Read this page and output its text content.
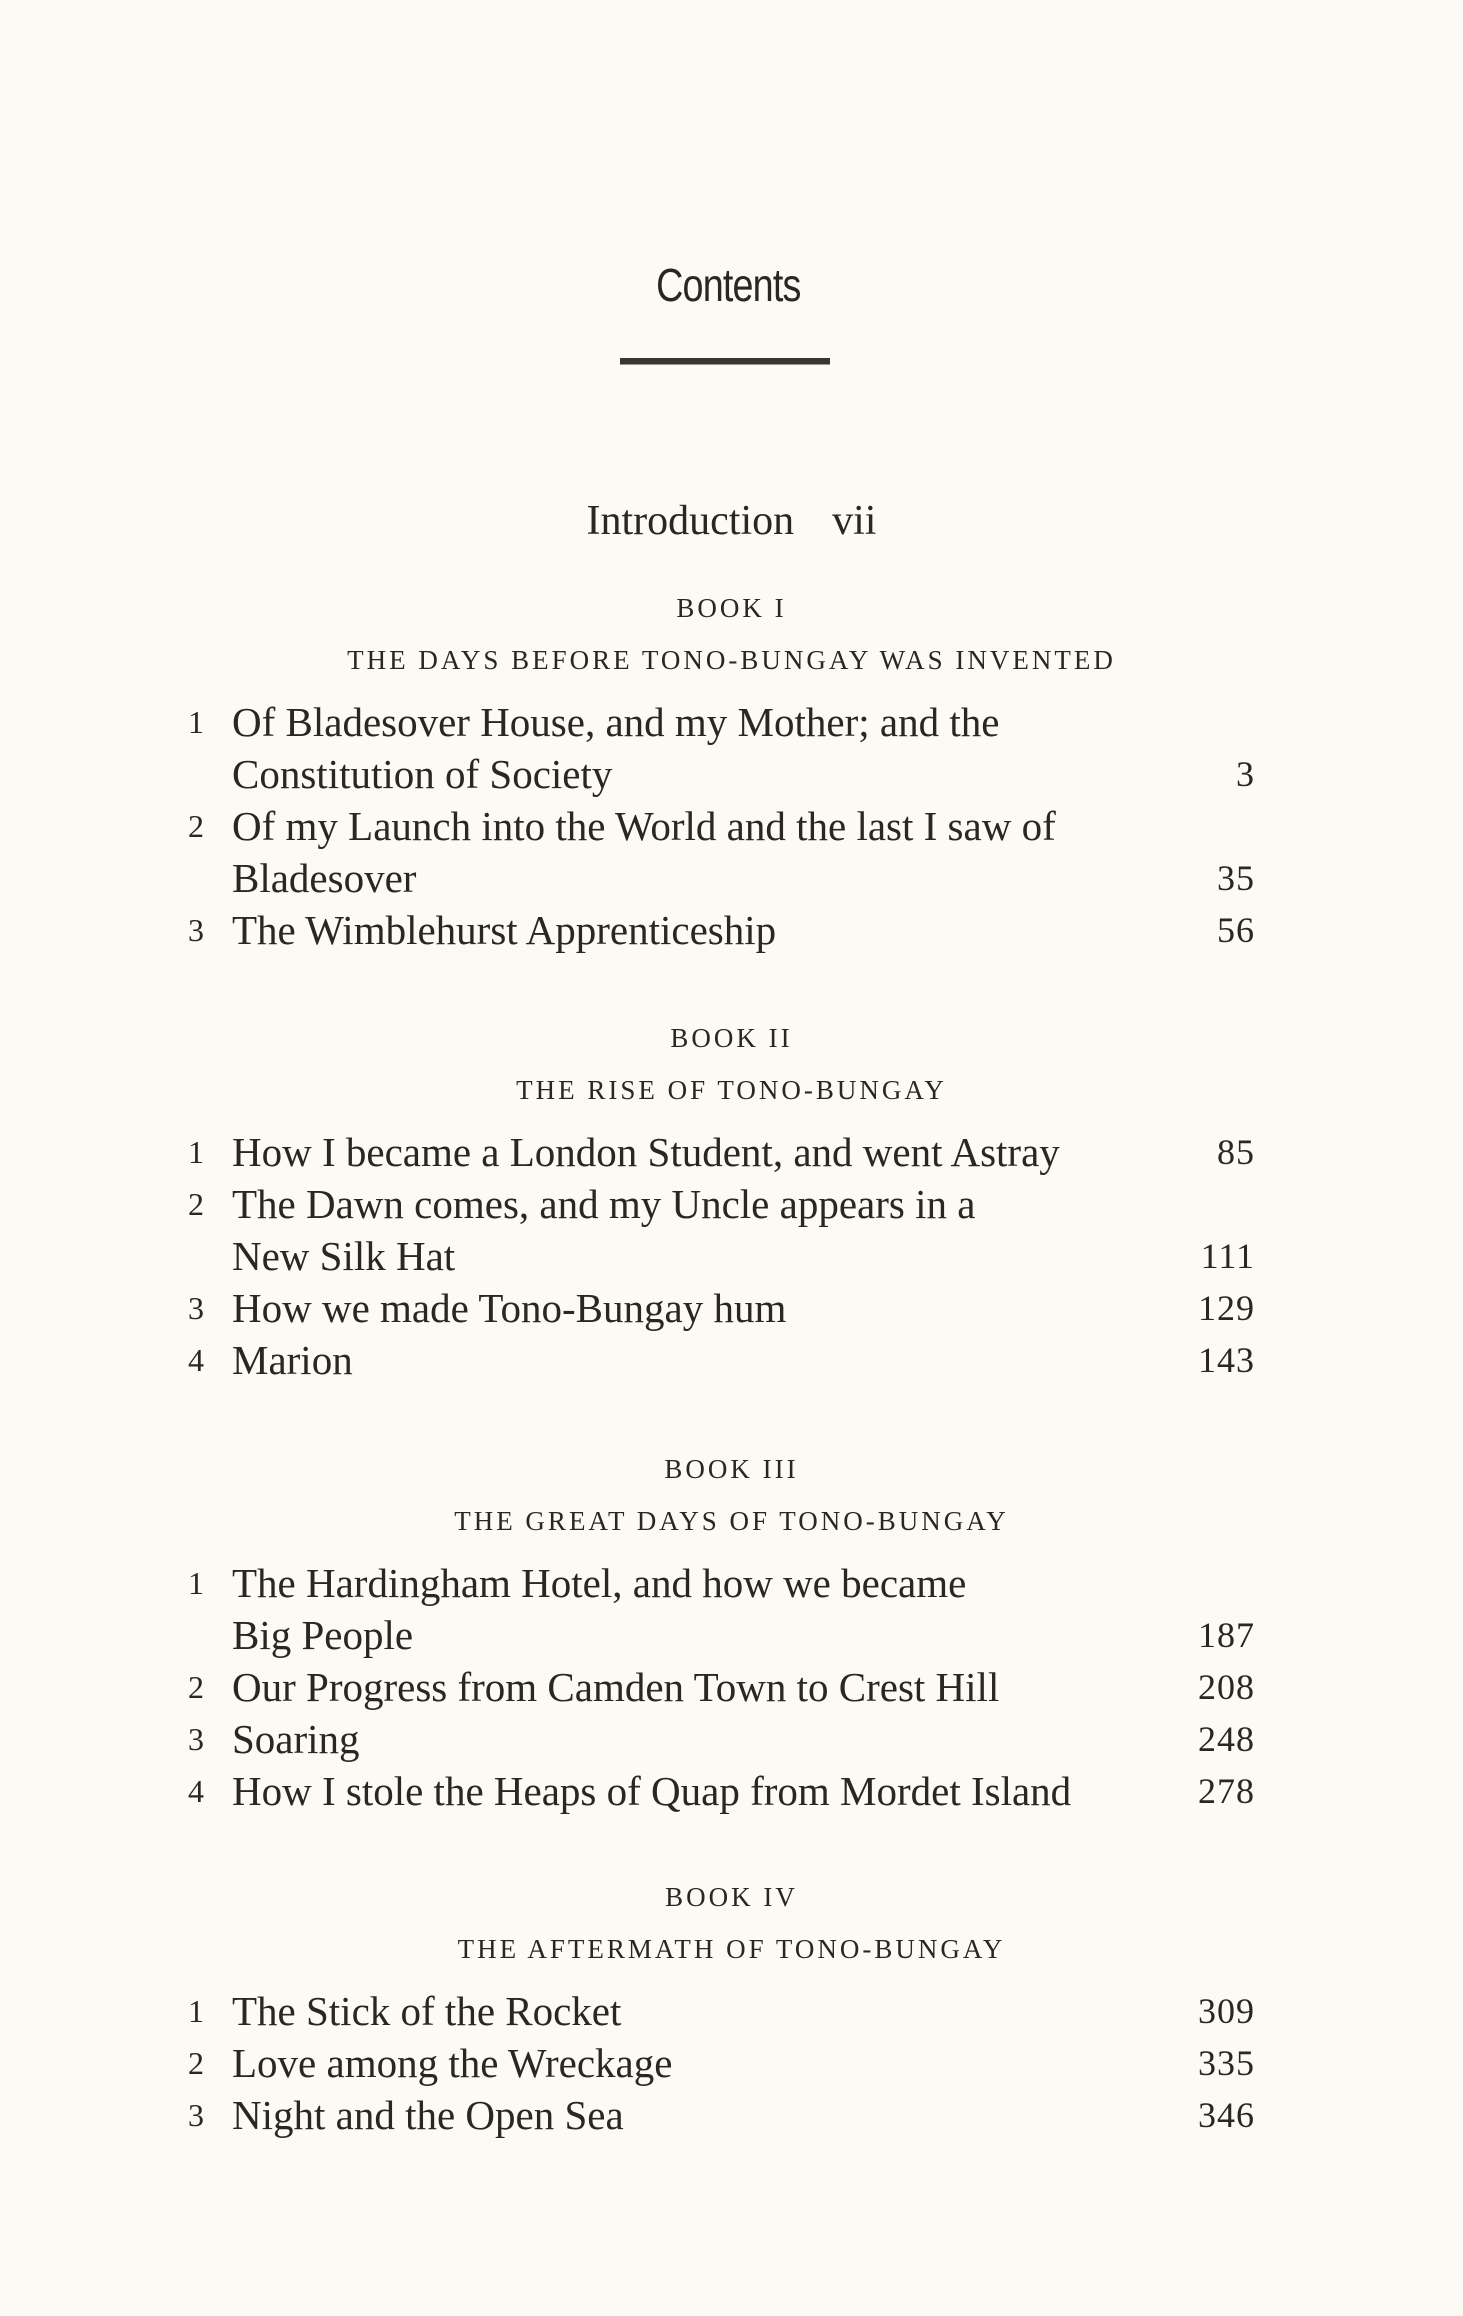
Contents
Introduction vii
BOOK I
THE DAYS BEFORE TONO-BUNGAY WAS INVENTED
1 Of Bladesover House, and my Mother; and the
Constitution of Society	3
2 Of my Launch into the World and the last I saw of
Bladesover	35
3 The Wimblehurst Apprenticeship	56
BOOK II
THE RISE OF TONO-BUNGAY
1 How I became a London Student, and went Astray	85
2 The Dawn comes, and my Uncle appears in a
New Silk Hat	111
3 How we made Tono-Bungay hum	129
4 Marion	143
BOOK III
THE GREAT DAYS OF TONO-BUNGAY
1 The Hardingham Hotel, and how we became
Big People	187
2 Our Progress from Camden Town to Crest Hill	208
3 Soaring	248
4 How I stole the Heaps of Quap from Mordet Island	278
BOOK IV
THE AFTERMATH OF TONO-BUNGAY
1 The Stick of the Rocket	309
2 Love among the Wreckage	335
3 Night and the Open Sea	346
